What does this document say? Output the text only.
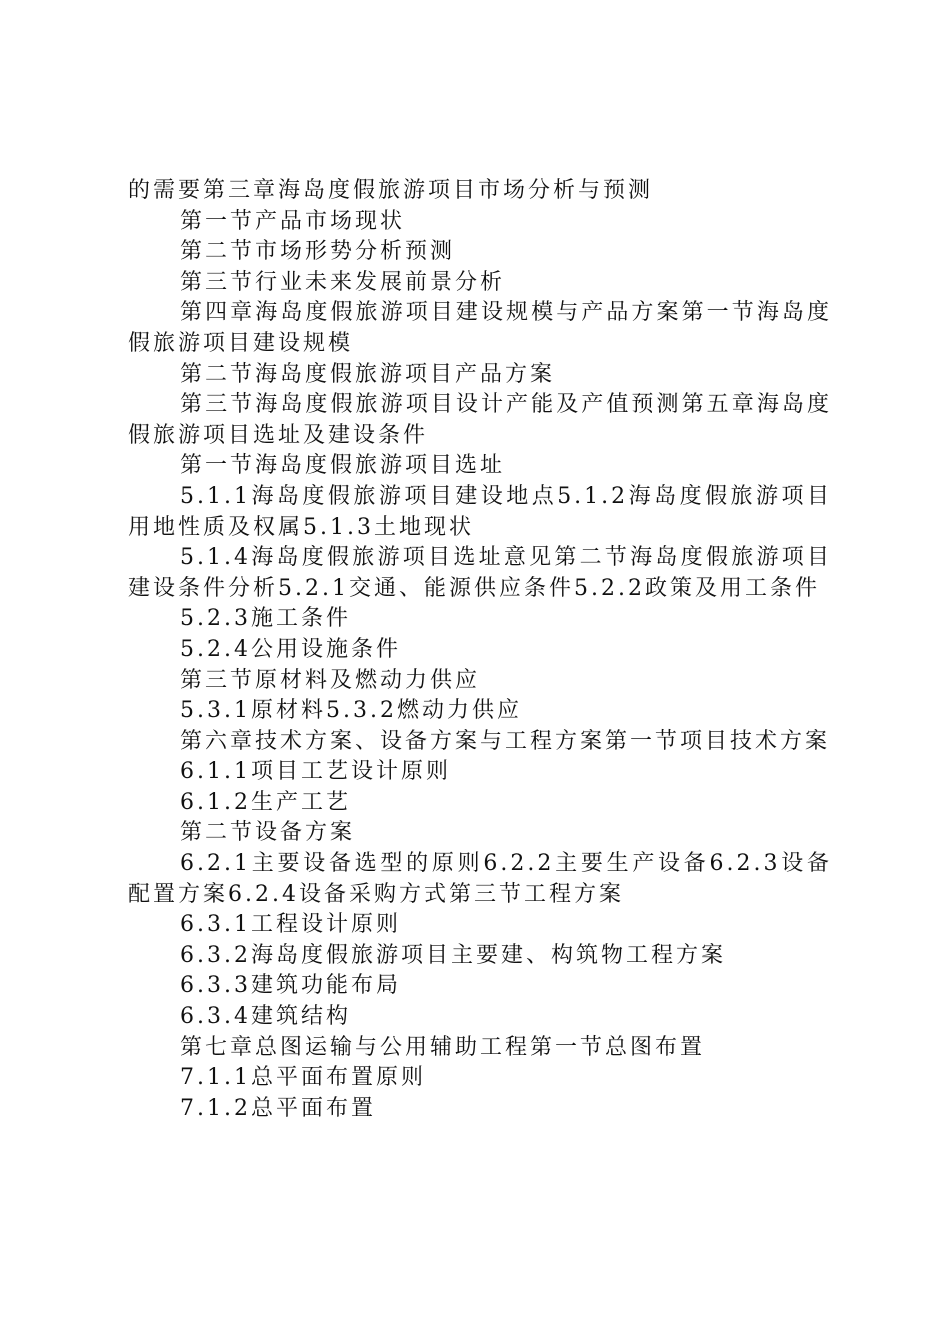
的需要第三章海岛度假旅游项目市场分析与预测

第一节产品市场现状

第二节市场形势分析预测

第三节行业未来发展前景分析

第四章海岛度假旅游项目建设规模与产品方案第一节海岛度假旅游项目建设规模

第二节海岛度假旅游项目产品方案

第三节海岛度假旅游项目设计产能及产值预测第五章海岛度假旅游项目选址及建设条件

第一节海岛度假旅游项目选址

5.1.1海岛度假旅游项目建设地点5.1.2海岛度假旅游项目用地性质及权属5.1.3土地现状

5.1.4海岛度假旅游项目选址意见第二节海岛度假旅游项目建设条件分析5.2.1交通、能源供应条件5.2.2政策及用工条件

5.2.3施工条件

5.2.4公用设施条件

第三节原材料及燃动力供应

5.3.1原材料5.3.2燃动力供应

第六章技术方案、设备方案与工程方案第一节项目技术方案

6.1.1项目工艺设计原则

6.1.2生产工艺

第二节设备方案

6.2.1主要设备选型的原则6.2.2主要生产设备6.2.3设备配置方案6.2.4设备采购方式第三节工程方案

6.3.1工程设计原则

6.3.2海岛度假旅游项目主要建、构筑物工程方案

6.3.3建筑功能布局

6.3.4建筑结构

第七章总图运输与公用辅助工程第一节总图布置

7.1.1总平面布置原则

7.1.2总平面布置
